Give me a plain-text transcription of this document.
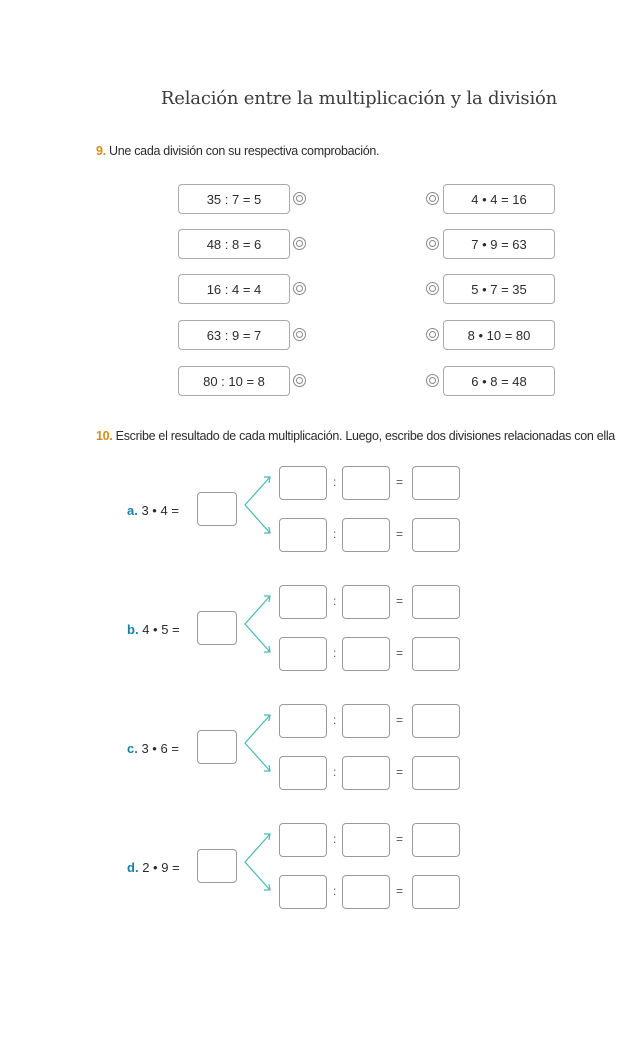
Relación entre la multiplicación y la división
9. Une cada división con su respectiva comprobación.
35 : 7 = 5	4 • 4 = 16
48 : 8 = 6	7 • 9 = 63
16 : 4 = 4	5 • 7 = 35
63 : 9 = 7	8 • 10 = 80
80 : 10 = 8	6 • 8 = 48
10. Escribe el resultado de cada multiplicación. Luego, escribe dos divisiones relacionadas con ella
a. 3 • 4 =
:	=
:	=
b. 4 • 5 =
:	=
:	=
c. 3 • 6 =
:	=
:	=
d. 2 • 9 =
:	=
:	=
